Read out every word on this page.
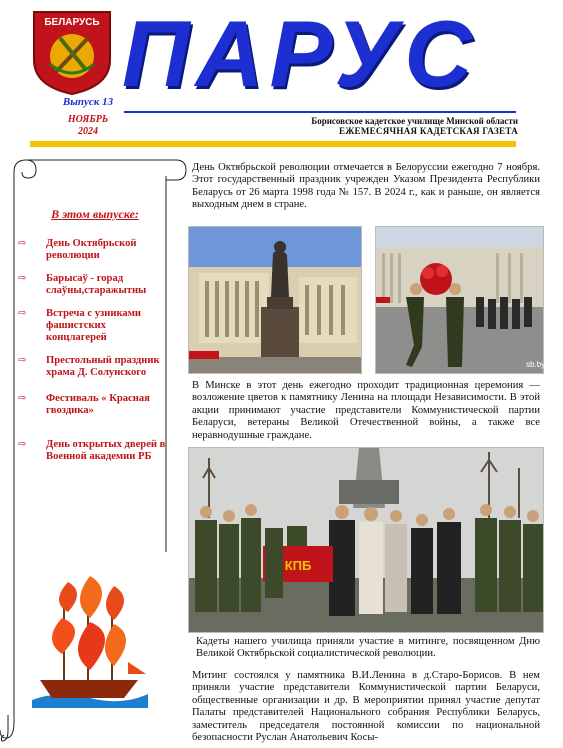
БЕЛАРУСЬ ПАРУС
Выпуск 13
НОЯБРЬ
2024
Борисовское кадетское училище Минской области
ЕЖЕМЕСЯЧНАЯ КАДЕТСКАЯ ГАЗЕТА
В этом выпуске:
⇨ День Октябрьской революции
⇨ Барысаў - горад слаўны,старажытны
⇨ Встреча с узниками фашистских концлагерей
⇨ Престольный праздник храма Д. Солунского
⇨ Фестиваль « Красная гвоздика»
⇨ День открытых дверей в Военной академии РБ
День Октябрьской революции отмечается в Белоруссии ежегодно 7 ноября. Этот государственный праздник учрежден Указом Президента Республики Беларусь от 26 марта 1998 года № 157. В 2024 г., как и раньше, он является выходным днем в стране.
sb.by
В Минске в этот день ежегодно проходит традиционная церемония — возложение цветов к памятнику Ленина на площади Независимости. В этой акции принимают участие представители Коммунистической партии Беларуси, ветераны Великой Отечественной войны, а также все неравнодушные граждане.
КПБ
Кадеты нашего училища приняли участие в митинге, посвященном Дню Великой Октябрьской социалистической революции.
Митинг состоялся у памятника В.И.Ленина в д.Старо-Борисов. В нем приняли участие представители Коммунистической партии Беларуси, общественные организации и др. В мероприятии принял участие депутат Палаты представителей Национального собрания Республики Беларусь, заместитель председателя постоянной комиссии по национальной безопасности Руслан Анатольевич Косы-
